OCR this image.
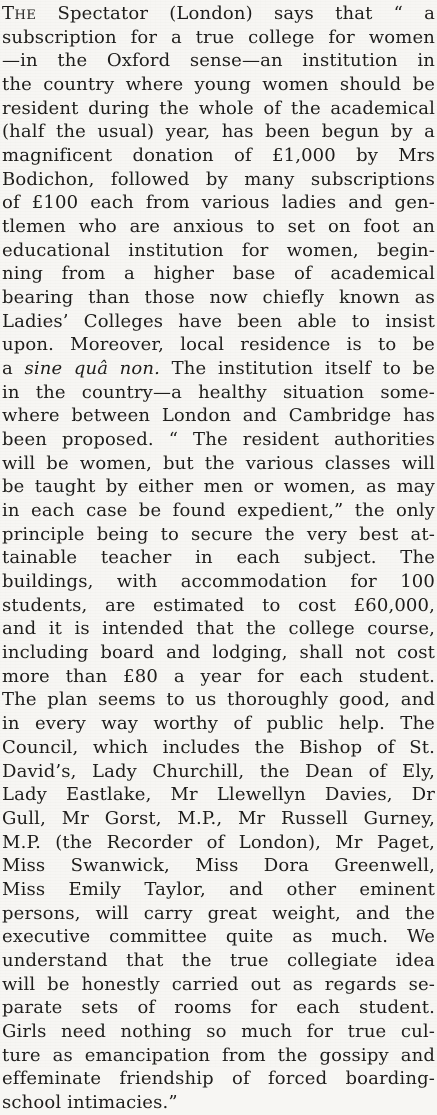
The Spectator (London) says that “ a
subscription for a true college for women
—in the Oxford sense—an institution in
the country where young women should be
resident during the whole of the academical
(half the usual) year, has been begun by a
magnificent donation of £1,000 by Mrs
Bodichon, followed by many subscriptions
of £100 each from various ladies and gen-
tlemen who are anxious to set on foot an
educational institution for women, begin-
ning from a higher base of academical
bearing than those now chiefly known as
Ladies’ Colleges have been able to insist
upon. Moreover, local residence is to be
a sine quâ non. The institution itself to be
in the country—a healthy situation some-
where between London and Cambridge has
been proposed. “ The resident authorities
will be women, but the various classes will
be taught by either men or women, as may
in each case be found expedient,” the only
principle being to secure the very best at-
tainable teacher in each subject. The
buildings, with accommodation for 100
students, are estimated to cost £60,000,
and it is intended that the college course,
including board and lodging, shall not cost
more than £80 a year for each student.
The plan seems to us thoroughly good, and
in every way worthy of public help. The
Council, which includes the Bishop of St.
David’s, Lady Churchill, the Dean of Ely,
Lady Eastlake, Mr Llewellyn Davies, Dr
Gull, Mr Gorst, M.P., Mr Russell Gurney,
M.P. (the Recorder of London), Mr Paget,
Miss Swanwick, Miss Dora Greenwell,
Miss Emily Taylor, and other eminent
persons, will carry great weight, and the
executive committee quite as much. We
understand that the true collegiate idea
will be honestly carried out as regards se-
parate sets of rooms for each student.
Girls need nothing so much for true cul-
ture as emancipation from the gossipy and
effeminate friendship of forced boarding-
school intimacies.”
